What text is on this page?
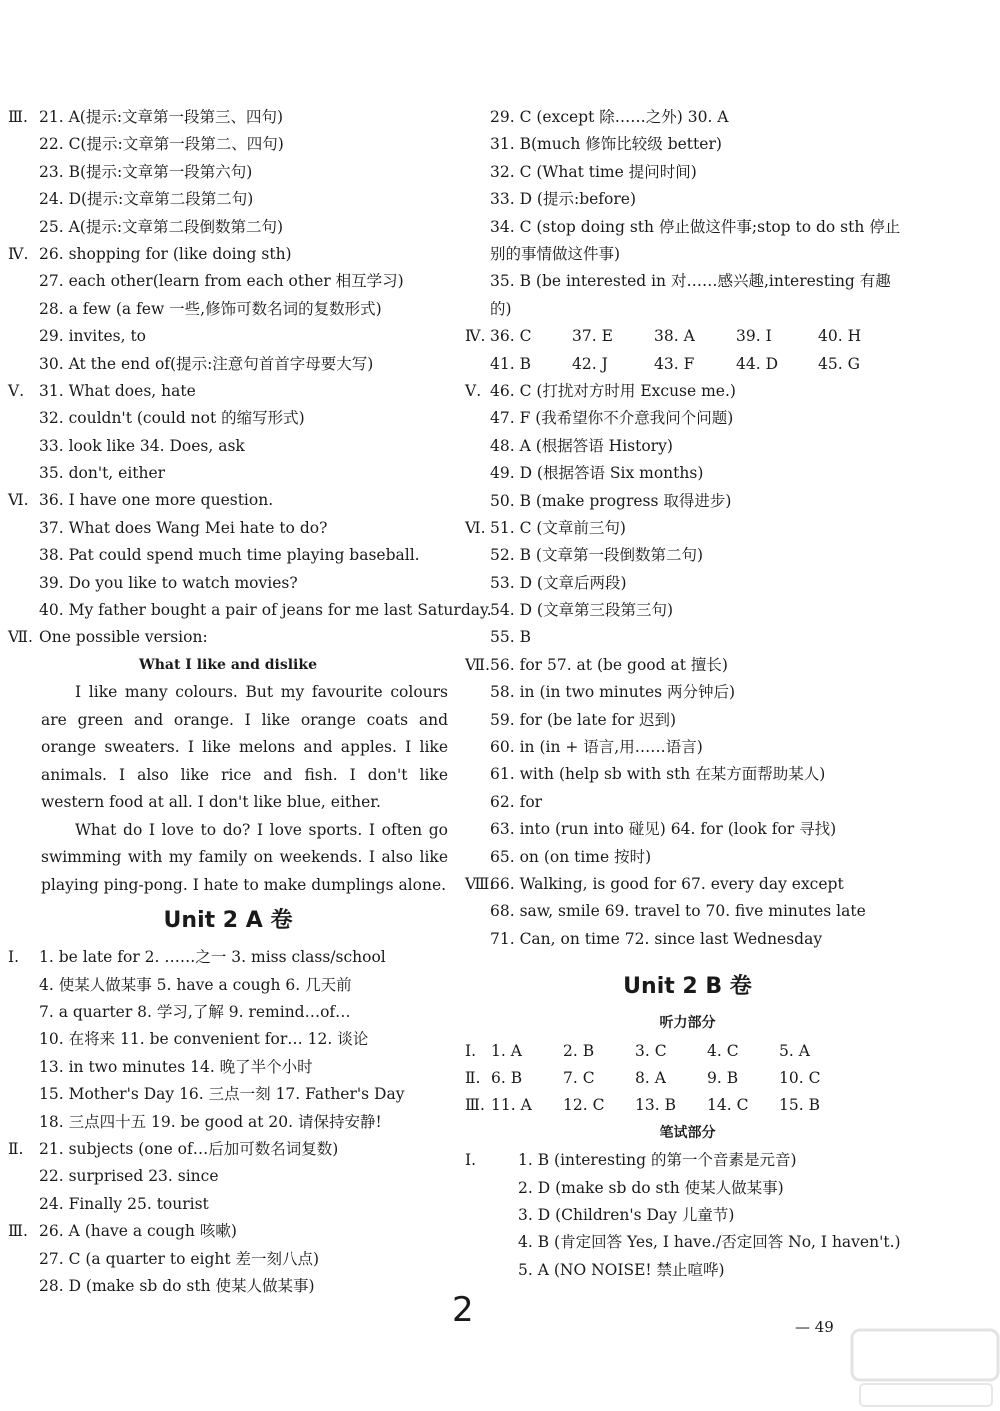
Ⅲ. 21. A(提示:文章第一段第三、四句)
22. C(提示:文章第一段第二、四句)
23. B(提示:文章第一段第六句)
24. D(提示:文章第二段第二句)
25. A(提示:文章第二段倒数第二句)
Ⅳ. 26. shopping for (like doing sth)
27. each other(learn from each other 相互学习)
28. a few (a few 一些,修饰可数名词的复数形式)
29. invites, to
30. At the end of(提示:注意句首首字母要大写)
Ⅴ. 31. What does, hate
32. couldn't (could not 的缩写形式)
33. look like 34. Does, ask
35. don't, either
Ⅵ. 36. I have one more question.
37. What does Wang Mei hate to do?
38. Pat could spend much time playing baseball.
39. Do you like to watch movies?
40. My father bought a pair of jeans for me last Saturday.
Ⅶ. One possible version:
What I like and dislike

I like many colours. But my favourite colours are green and orange. I like orange coats and orange sweaters. I like melons and apples. I like animals. I also like rice and fish. I don't like western food at all. I don't like blue, either.

What do I love to do? I love sports. I often go swimming with my family on weekends. I also like playing ping-pong. I hate to make dumplings alone.

Unit 2 A 卷
Ⅰ. 1. be late for 2. ……之一 3. miss class/school
4. 使某人做某事 5. have a cough 6. 几天前
7. a quarter 8. 学习,了解 9. remind…of…
10. 在将来 11. be convenient for… 12. 谈论
13. in two minutes 14. 晚了半个小时
15. Mother's Day 16. 三点一刻 17. Father's Day
18. 三点四十五 19. be good at 20. 请保持安静!
Ⅱ. 21. subjects (one of…后加可数名词复数)
22. surprised 23. since
24. Finally 25. tourist
Ⅲ. 26. A (have a cough 咳嗽)
27. C (a quarter to eight 差一刻八点)
28. D (make sb do sth 使某人做某事)
29. C (except 除……之外) 30. A
31. B(much 修饰比较级 better)
32. C (What time 提问时间)
33. D (提示:before)
34. C (stop doing sth 停止做这件事;stop to do sth 停止别的事情做这件事)
35. B (be interested in 对……感兴趣,interesting 有趣的)
Ⅳ. 36. C	37. E	38. A	39. I	40. H
41. B	42. J	43. F	44. D	45. G
Ⅴ. 46. C (打扰对方时用 Excuse me.)
47. F (我希望你不介意我问个问题)
48. A (根据答语 History)
49. D (根据答语 Six months)
50. B (make progress 取得进步)
Ⅵ. 51. C (文章前三句)
52. B (文章第一段倒数第二句)
53. D (文章后两段)
54. D (文章第三段第三句)
55. B
Ⅶ. 56. for 57. at (be good at 擅长)
58. in (in two minutes 两分钟后)
59. for (be late for 迟到)
60. in (in + 语言,用……语言)
61. with (help sb with sth 在某方面帮助某人)
62. for
63. into (run into 碰见) 64. for (look for 寻找)
65. on (on time 按时)
Ⅷ.
66. Walking, is good for 67. every day except
68. saw, smile 69. travel to 70. five minutes late
71. Can, on time 72. since last Wednesday
Unit 2 B 卷
听力部分
Ⅰ. 1. A	2. B	3. C	4. C	5. A
Ⅱ. 6. B	7. C	8. A	9. B	10. C
Ⅲ. 11. A	12. C	13. B	14. C	15. B
笔试部分
Ⅰ.	1. B (interesting 的第一个音素是元音)
2. D (make sb do sth 使某人做某事)
3. D (Children's Day 儿童节)
4. B (肯定回答 Yes, I have./否定回答 No, I haven't.)
5. A (NO NOISE! 禁止喧哗)
2	— 49
